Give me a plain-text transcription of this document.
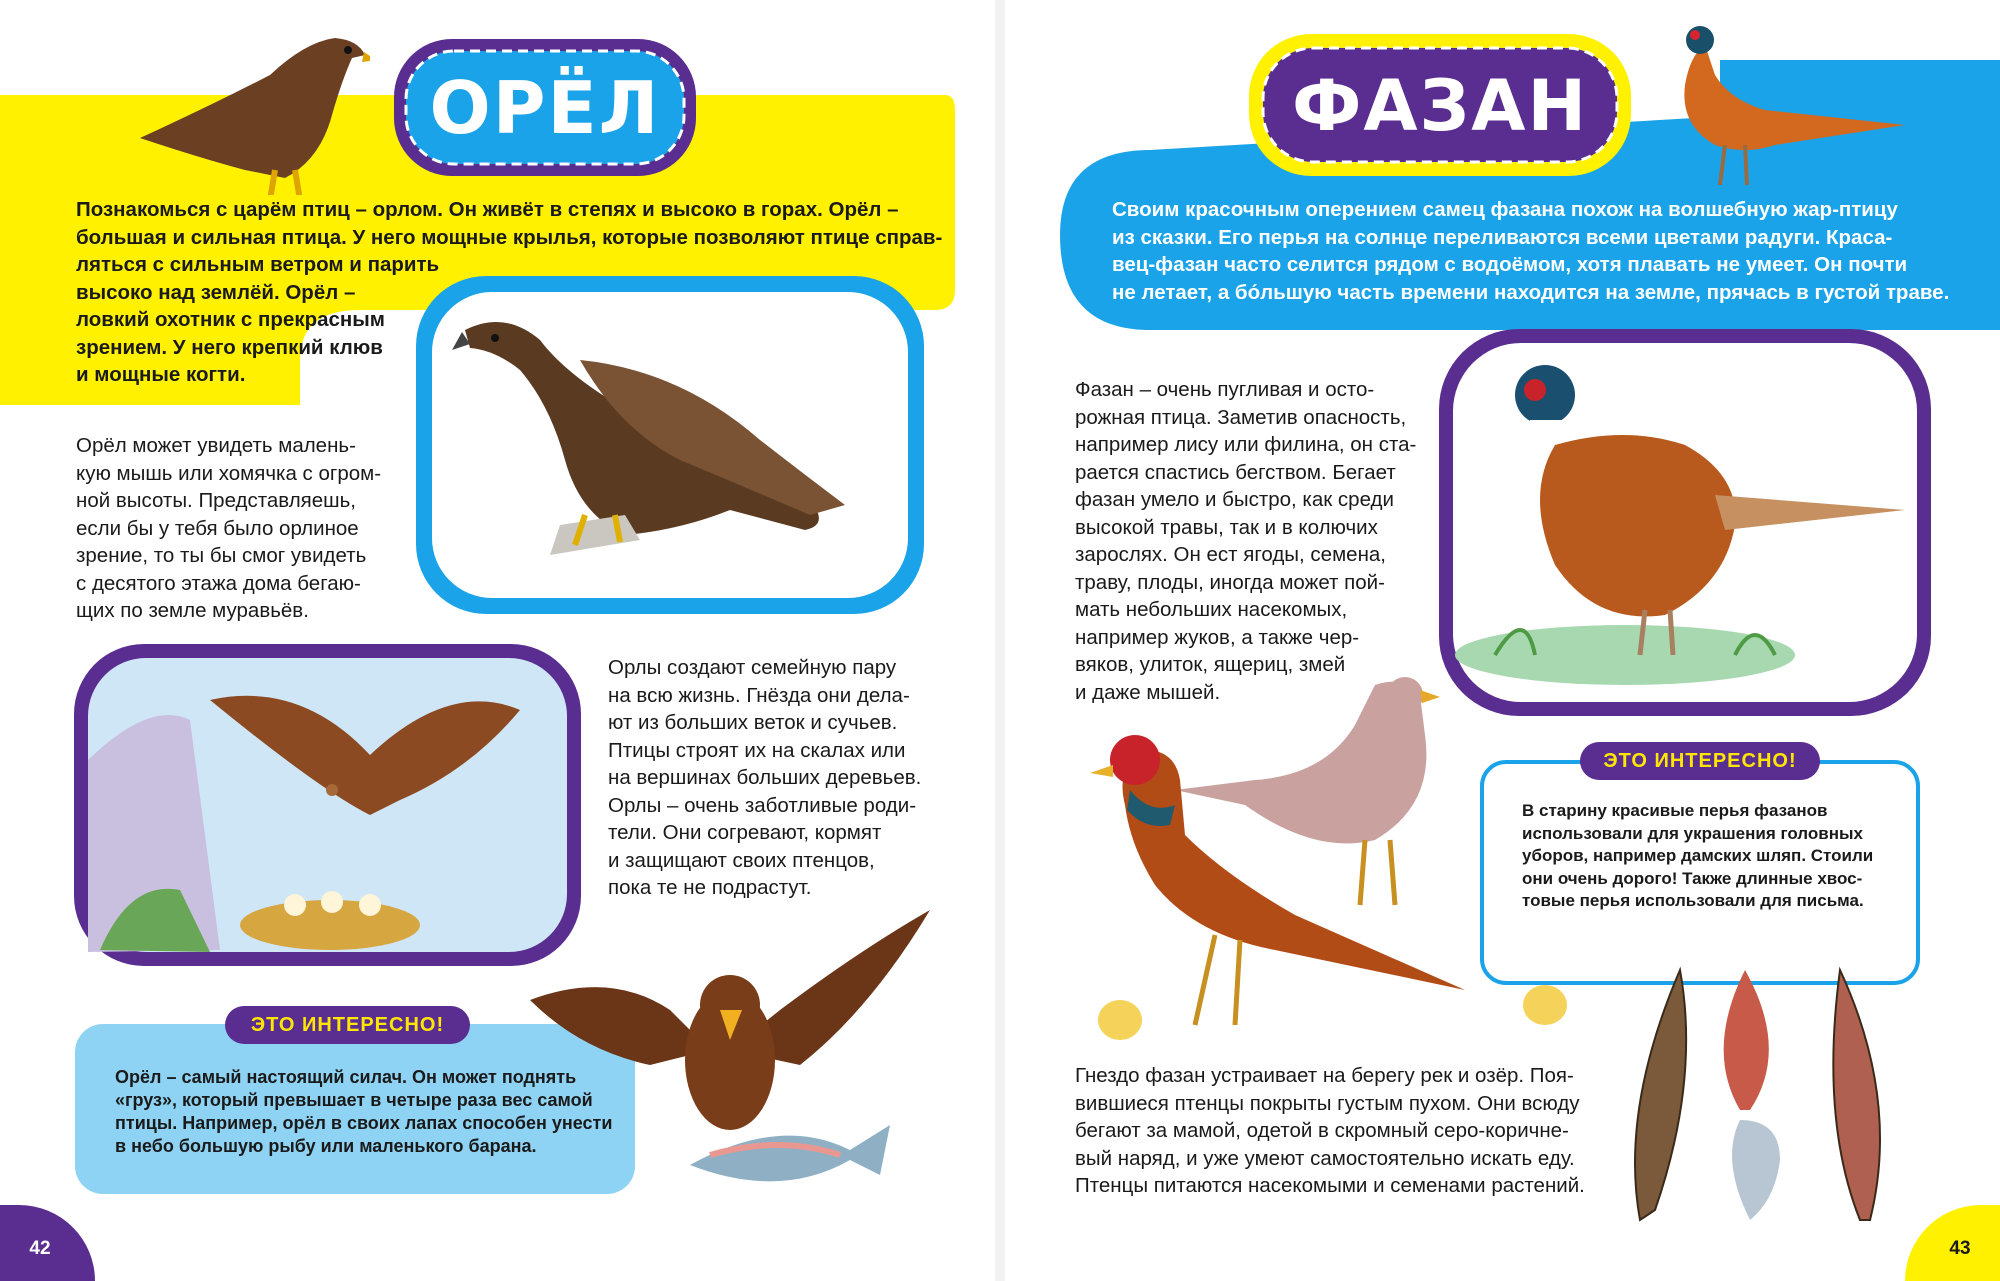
ОРЁЛ
Познакомься с царём птиц – орлом. Он живёт в степях и высоко в горах. Орёл –
большая и сильная птица. У него мощные крылья, которые позволяют птице справ-
ляться с сильным ветром и парить
высоко над землёй. Орёл –
ловкий охотник с прекрасным
зрением. У него крепкий клюв
и мощные когти.
Орёл может увидеть малень-
кую мышь или хомячка с огром-
ной высоты. Представляешь,
если бы у тебя было орлиное
зрение, то ты бы смог увидеть
с десятого этажа дома бегаю-
щих по земле муравьёв.
Орлы создают семейную пару
на всю жизнь. Гнёзда они дела-
ют из больших веток и сучьев.
Птицы строят их на скалах или
на вершинах больших деревьев.
Орлы – очень заботливые роди-
тели. Они согревают, кормят
и защищают своих птенцов,
пока те не подрастут.
ЭТО ИНТЕРЕСНО!
Орёл – самый настоящий силач. Он может поднять
«груз», который превышает в четыре раза вес самой
птицы. Например, орёл в своих лапах способен унести
в небо большую рыбу или маленького барана.
42
ФАЗАН
Своим красочным оперением самец фазана похож на волшебную жар-птицу
из сказки. Его перья на солнце переливаются всеми цветами радуги. Краса-
вец-фазан часто селится рядом с водоёмом, хотя плавать не умеет. Он почти
не летает, а бо́льшую часть времени находится на земле, прячась в густой траве.
Фазан – очень пугливая и осто-
рожная птица. Заметив опасность,
например лису или филина, он ста-
рается спастись бегством. Бегает
фазан умело и быстро, как среди
высокой травы, так и в колючих
зарослях. Он ест ягоды, семена,
траву, плоды, иногда может пой-
мать небольших насекомых,
например жуков, а также чер-
вяков, улиток, ящериц, змей
и даже мышей.
ЭТО ИНТЕРЕСНО!
В старину красивые перья фазанов
использовали для украшения головных
уборов, например дамских шляп. Стоили
они очень дорого! Также длинные хвос-
товые перья использовали для письма.
Гнездо фазан устраивает на берегу рек и озёр. Поя-
вившиеся птенцы покрыты густым пухом. Они всюду
бегают за мамой, одетой в скромный серо-коричне-
вый наряд, и уже умеют самостоятельно искать еду.
Птенцы питаются насекомыми и семенами растений.
43
